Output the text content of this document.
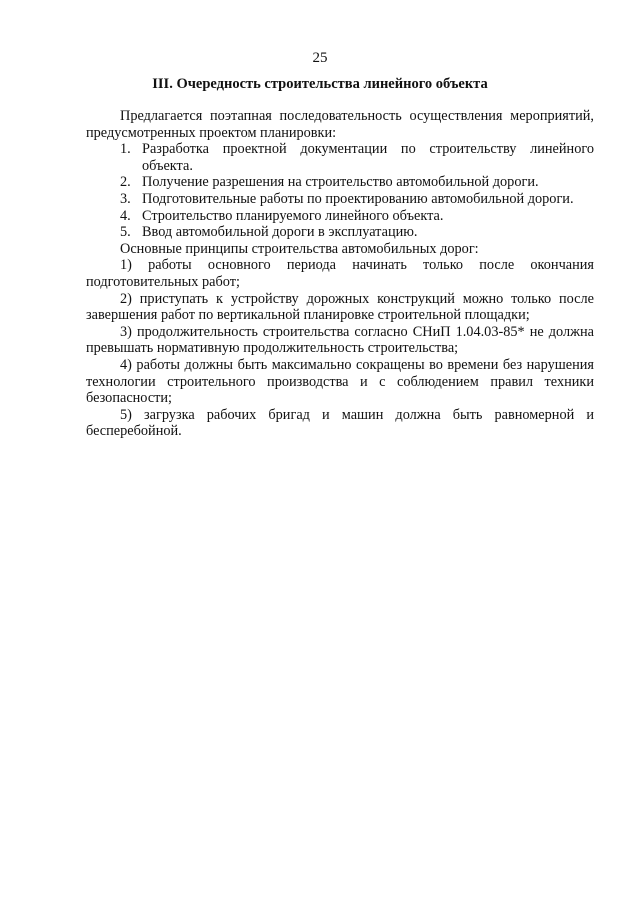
25
III. Очередность строительства линейного объекта

Предлагается поэтапная последовательность осуществления мероприятий, предусмотренных проектом планировки:

1. Разработка проектной документации по строительству линейного объекта.
2. Получение разрешения на строительство автомобильной дороги.
3. Подготовительные работы по проектированию автомобильной дороги.
4. Строительство планируемого линейного объекта.
5. Ввод автомобильной дороги в эксплуатацию.

Основные принципы строительства автомобильных дорог:

1) работы основного периода начинать только после окончания подготовительных работ;

2) приступать к устройству дорожных конструкций можно только после завершения работ по вертикальной планировке строительной площадки;

3) продолжительность строительства согласно СНиП 1.04.03-85* не должна превышать нормативную продолжительность строительства;

4) работы должны быть максимально сокращены во времени без нарушения технологии строительного производства и с соблюдением правил техники безопасности;

5) загрузка рабочих бригад и машин должна быть равномерной и бесперебойной.
